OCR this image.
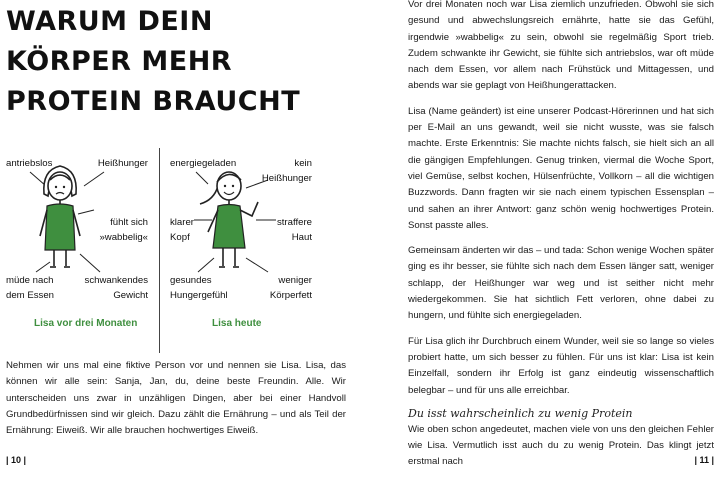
WARUM DEIN
KÖRPER MEHR
PROTEIN BRAUCHT
antriebslos	Heißhunger
fühlt sich
»wabbelig«
müde nach
dem Essen
schwankendes
Gewicht
energiegeladen	kein
Heißhunger
klarer
Kopf
straffere
Haut
gesundes
Hungergefühl
weniger
Körperfett
Lisa vor drei Monaten	Lisa heute
Nehmen wir uns mal eine fiktive Person vor und nennen sie Lisa. Lisa, das können wir alle sein: Sanja, Jan, du, deine beste Freundin. Alle. Wir unterscheiden uns zwar in unzähligen Dingen, aber bei einer Handvoll Grundbedürfnissen sind wir gleich. Dazu zählt die Ernährung – und als Teil der Ernährung: Eiweiß. Wir alle brauchen hochwertiges Eiweiß.
| 10 |

Vor drei Monaten noch war Lisa ziemlich unzufrieden. Obwohl sie sich gesund und abwechslungsreich ernährte, hatte sie das Gefühl, irgendwie »wabbelig« zu sein, obwohl sie regelmäßig Sport trieb. Zudem schwankte ihr Gewicht, sie fühlte sich antriebslos, war oft müde nach dem Essen, vor allem nach Frühstück und Mittagessen, und abends war sie geplagt von Heißhungerattacken.

Lisa (Name geändert) ist eine unserer Podcast-Hörerinnen und hat sich per E-Mail an uns gewandt, weil sie nicht wusste, was sie falsch machte. Erste Erkenntnis: Sie machte nichts falsch, sie hielt sich an all die gängigen Empfehlungen. Genug trinken, viermal die Woche Sport, viel Gemüse, selbst kochen, Hülsenfrüchte, Vollkorn – all die wichtigen Buzzwords. Dann fragten wir sie nach einem typischen Essensplan – und sahen an ihrer Antwort: ganz schön wenig hochwertiges Protein. Sonst passte alles.

Gemeinsam änderten wir das – und tada: Schon wenige Wochen später ging es ihr besser, sie fühlte sich nach dem Essen länger satt, weniger schlapp, der Heißhunger war weg und ist seither nicht mehr wiedergekommen. Sie hat sichtlich Fett verloren, ohne dabei zu hungern, und fühlte sich energiegeladen.

Für Lisa glich ihr Durchbruch einem Wunder, weil sie so lange so vieles probiert hatte, um sich besser zu fühlen. Für uns ist klar: Lisa ist kein Einzelfall, sondern ihr Erfolg ist ganz eindeutig wissenschaftlich belegbar – und für uns alle erreichbar.

Du isst wahrscheinlich zu wenig Protein

Wie oben schon angedeutet, machen viele von uns den gleichen Fehler wie Lisa. Vermutlich isst auch du zu wenig Protein. Das klingt jetzt erstmal nach	| 11 |
